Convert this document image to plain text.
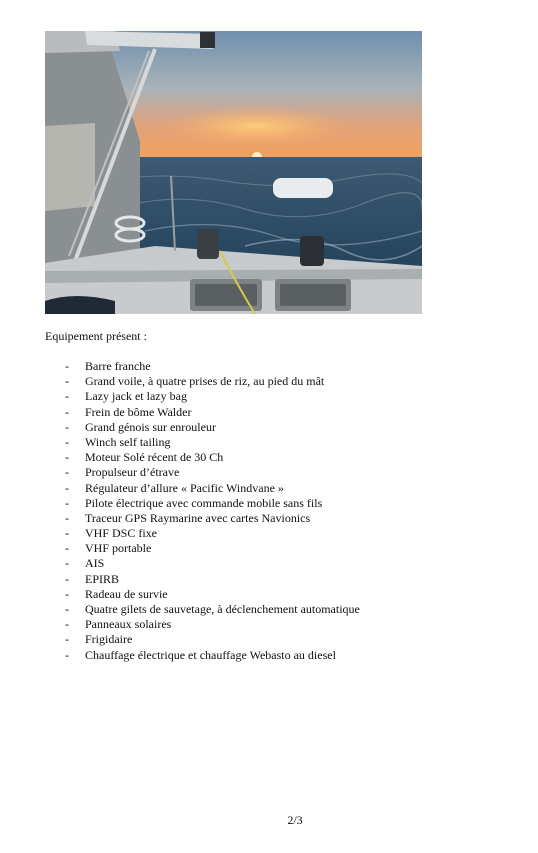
Equipement présent :
- Barre franche
- Grand voile, à quatre prises de riz, au pied du mât
- Lazy jack et lazy bag
- Frein de bôme Walder
- Grand génois sur enrouleur
- Winch self tailing
- Moteur Solé récent de 30 Ch
- Propulseur d’étrave
- Régulateur d’allure « Pacific Windvane »
- Pilote électrique avec commande mobile sans fils
- Traceur GPS Raymarine avec cartes Navionics
- VHF DSC fixe
- VHF portable
- AIS
- EPIRB
- Radeau de survie
- Quatre gilets de sauvetage, à déclenchement automatique
- Panneaux solaires
- Frigidaire
- Chauffage électrique et chauffage Webasto au diesel
2/3
